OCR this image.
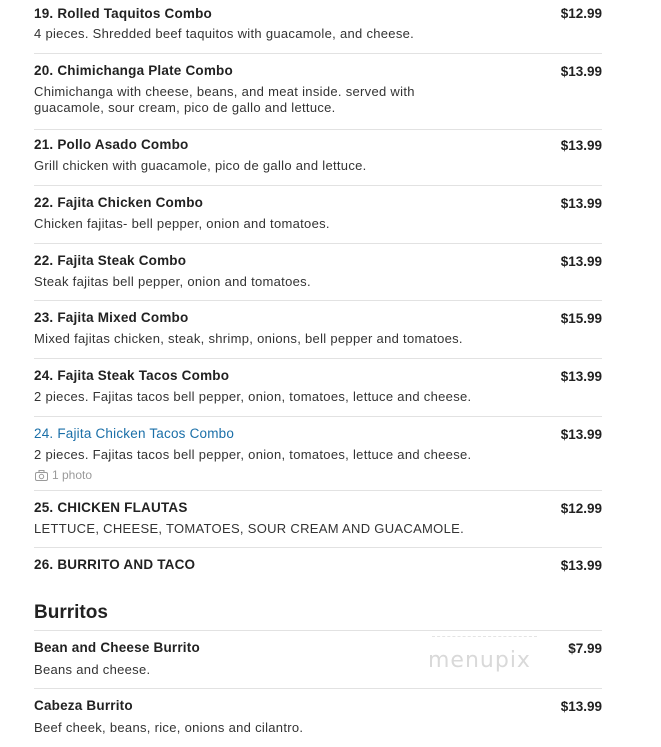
19. Rolled Taquitos Combo	$12.99
4 pieces. Shredded beef taquitos with guacamole, and cheese.
20. Chimichanga Plate Combo	$13.99
Chimichanga with cheese, beans, and meat inside. served with guacamole, sour cream, pico de gallo and lettuce.
21. Pollo Asado Combo	$13.99
Grill chicken with guacamole, pico de gallo and lettuce.
22. Fajita Chicken Combo	$13.99
Chicken fajitas- bell pepper, onion and tomatoes.
22. Fajita Steak Combo	$13.99
Steak fajitas bell pepper, onion and tomatoes.
23. Fajita Mixed Combo	$15.99
Mixed fajitas chicken, steak, shrimp, onions, bell pepper and tomatoes.
24. Fajita Steak Tacos Combo	$13.99
2 pieces. Fajitas tacos bell pepper, onion, tomatoes, lettuce and cheese.
24. Fajita Chicken Tacos Combo	$13.99
2 pieces. Fajitas tacos bell pepper, onion, tomatoes, lettuce and cheese.
1 photo
25. CHICKEN FLAUTAS	$12.99
LETTUCE, CHEESE, TOMATOES, SOUR CREAM AND GUACAMOLE.
26. BURRITO AND TACO	$13.99
Burritos
Bean and Cheese Burrito	$7.99
Beans and cheese.
Cabeza Burrito	$13.99
Beef cheek, beans, rice, onions and cilantro.
menupix
